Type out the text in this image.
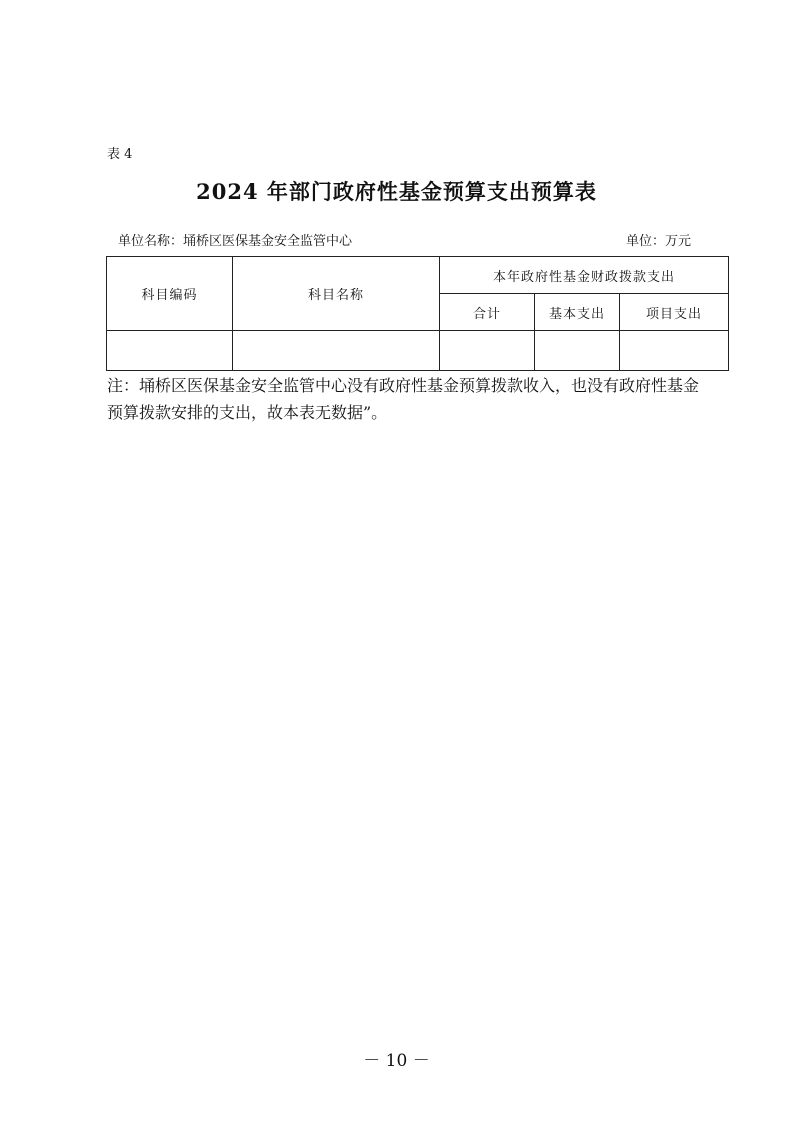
表 4
2024 年部门政府性基金预算支出预算表
单位名称：埇桥区医保基金安全监管中心	单位：万元
科目编码	科目名称	本年政府性基金财政拨款支出		
		合计	基本支出	项目支出

注：埇桥区医保基金安全监管中心没有政府性基金预算拨款收入，也没有政府性基金预算拨款安排的支出，故本表无数据”。
－ 10 －
